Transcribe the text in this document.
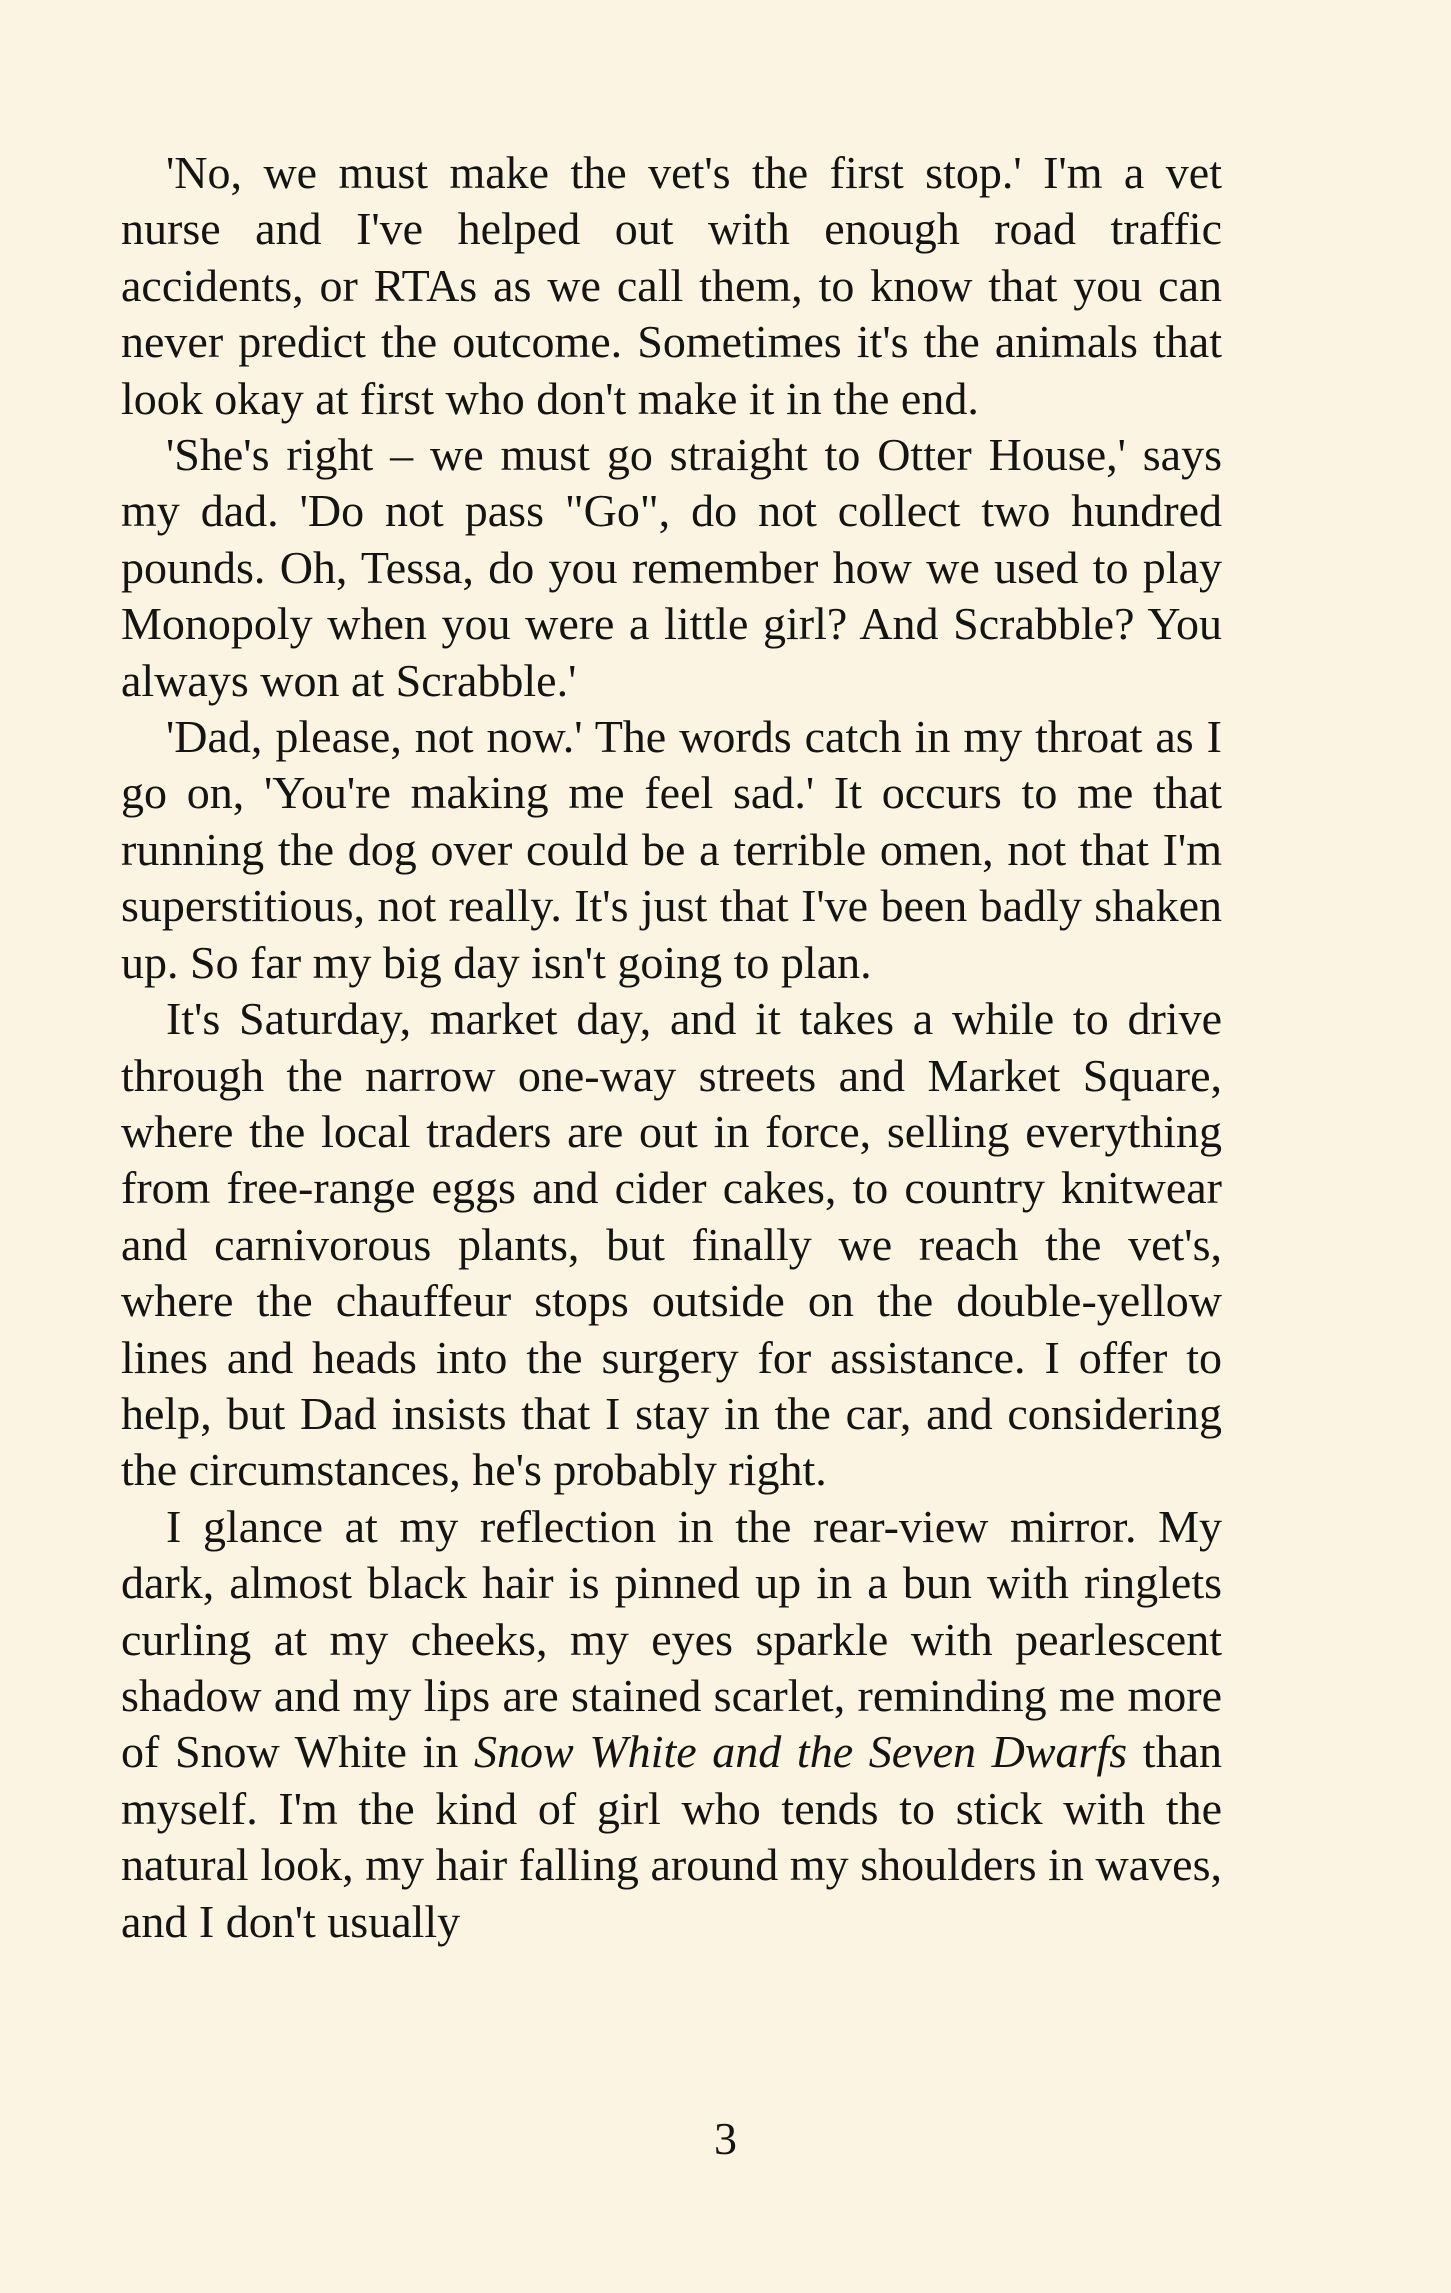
'No, we must make the vet's the first stop.' I'm a vet nurse and I've helped out with enough road traffic accidents, or RTAs as we call them, to know that you can never predict the outcome. Sometimes it's the animals that look okay at first who don't make it in the end.

'She's right – we must go straight to Otter House,' says my dad. 'Do not pass "Go", do not collect two hundred pounds. Oh, Tessa, do you remember how we used to play Monopoly when you were a little girl? And Scrabble? You always won at Scrabble.'

'Dad, please, not now.' The words catch in my throat as I go on, 'You're making me feel sad.' It occurs to me that running the dog over could be a terrible omen, not that I'm superstitious, not really. It's just that I've been badly shaken up. So far my big day isn't going to plan.

It's Saturday, market day, and it takes a while to drive through the narrow one-way streets and Market Square, where the local traders are out in force, selling everything from free-range eggs and cider cakes, to country knitwear and carnivorous plants, but finally we reach the vet's, where the chauffeur stops outside on the double-yellow lines and heads into the surgery for assistance. I offer to help, but Dad insists that I stay in the car, and considering the circumstances, he's probably right.

I glance at my reflection in the rear-view mirror. My dark, almost black hair is pinned up in a bun with ringlets curling at my cheeks, my eyes sparkle with pearlescent shadow and my lips are stained scarlet, reminding me more of Snow White in Snow White and the Seven Dwarfs than myself. I'm the kind of girl who tends to stick with the natural look, my hair falling around my shoulders in waves, and I don't usually

3
